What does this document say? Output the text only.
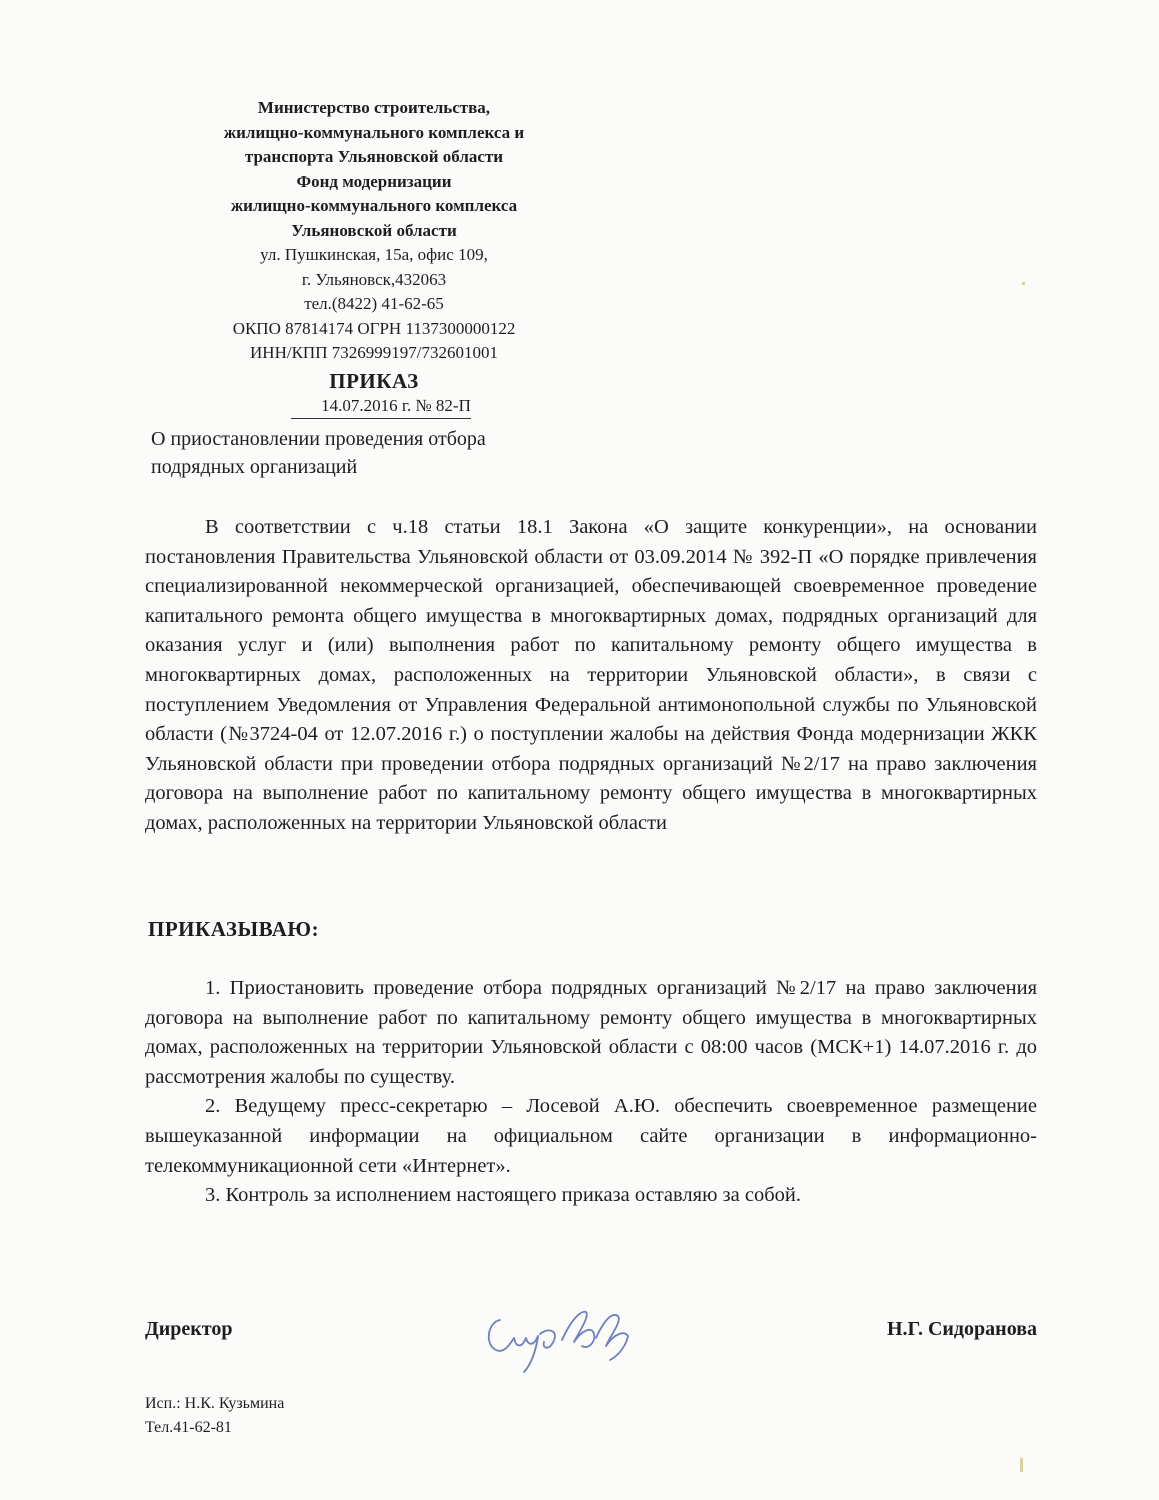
Министерство строительства,
жилищно-коммунального комплекса и
транспорта Ульяновской области
Фонд модернизации
жилищно-коммунального комплекса
Ульяновской области
ул. Пушкинская, 15а, офис 109,
г. Ульяновск,432063
тел.(8422) 41-62-65
ОКПО 87814174 ОГРН 1137300000122
ИНН/КПП 7326999197/732601001
ПРИКАЗ
14.07.2016 г. № 82-П
О приостановлении проведения отбора
подрядных организаций

В соответствии с ч.18 статьи 18.1 Закона «О защите конкуренции», на основании постановления Правительства Ульяновской области от 03.09.2014 № 392-П «О порядке привлечения специализированной некоммерческой организацией, обеспечивающей своевременное проведение капитального ремонта общего имущества в многоквартирных домах, подрядных организаций для оказания услуг и (или) выполнения работ по капитальному ремонту общего имущества в многоквартирных домах, расположенных на территории Ульяновской области», в связи с поступлением Уведомления от Управления Федеральной антимонопольной службы по Ульяновской области (№3724-04 от 12.07.2016 г.) о поступлении жалобы на действия Фонда модернизации ЖКК Ульяновской области при проведении отбора подрядных организаций №2/17 на право заключения договора на выполнение работ по капитальному ремонту общего имущества в многоквартирных домах, расположенных на территории Ульяновской области

ПРИКАЗЫВАЮ:

1. Приостановить проведение отбора подрядных организаций №2/17 на право заключения договора на выполнение работ по капитальному ремонту общего имущества в многоквартирных домах, расположенных на территории Ульяновской области с 08:00 часов (МСК+1) 14.07.2016 г. до рассмотрения жалобы по существу.

2. Ведущему пресс-секретарю – Лосевой А.Ю. обеспечить своевременное размещение вышеуказанной информации на официальном сайте организации в информационно-телекоммуникационной сети «Интернет».

3. Контроль за исполнением настоящего приказа оставляю за собой.

Директор	Н.Г. Сидоранова
Исп.: Н.К. Кузьмина
Тел.41-62-81
